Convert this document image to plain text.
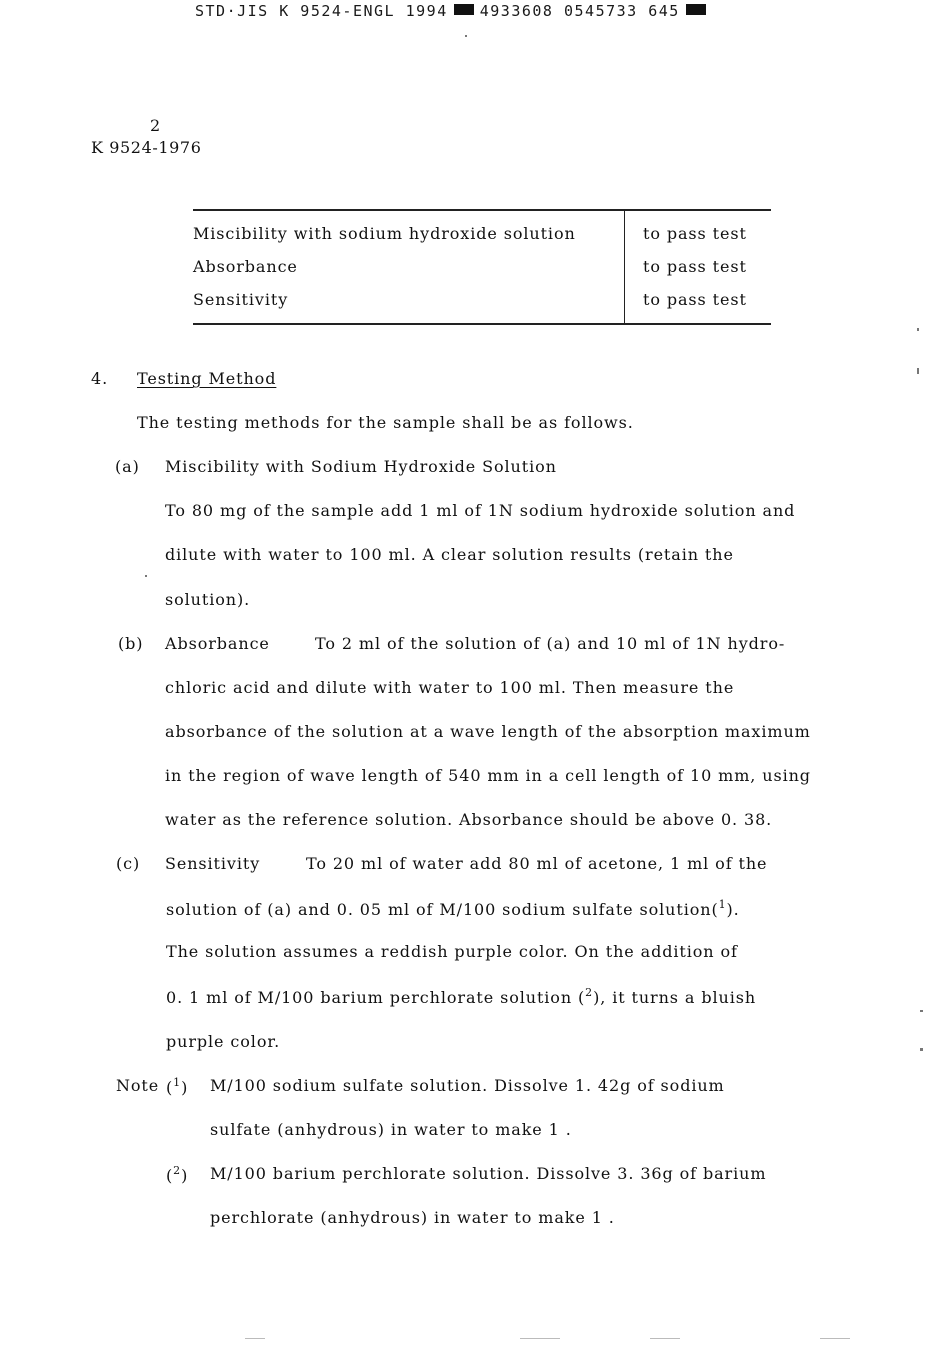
STD·JIS K 9524-ENGL 1994 4933608 0545733 645
2
K 9524-1976
Miscibility with sodium hydroxide solution	to pass test
Absorbance	to pass test
Sensitivity	to pass test
4. Testing Method
The testing methods for the sample shall be as follows.
(a) Miscibility with Sodium Hydroxide Solution
To 80 mg of the sample add 1 ml of 1N sodium hydroxide solution and
dilute with water to 100 ml. A clear solution results (retain the
solution).
(b) Absorbance	To 2 ml of the solution of (a) and 10 ml of 1N hydro-
chloric acid and dilute with water to 100 ml. Then measure the
absorbance of the solution at a wave length of the absorption maximum
in the region of wave length of 540 mm in a cell length of 10 mm, using
water as the reference solution. Absorbance should be above 0. 38.
(c) Sensitivity	To 20 ml of water add 80 ml of acetone, 1 ml of the
solution of (a) and 0. 05 ml of M/100 sodium sulfate solution($^1$).
The solution assumes a reddish purple color. On the addition of
0. 1 ml of M/100 barium perchlorate solution ($^2$), it turns a bluish
purple color.
Note ($^1$) M/100 sodium sulfate solution. Dissolve 1. 42g of sodium
sulfate (anhydrous) in water to make 1 .
($^2$) M/100 barium perchlorate solution. Dissolve 3. 36g of barium
perchlorate (anhydrous) in water to make 1 .
